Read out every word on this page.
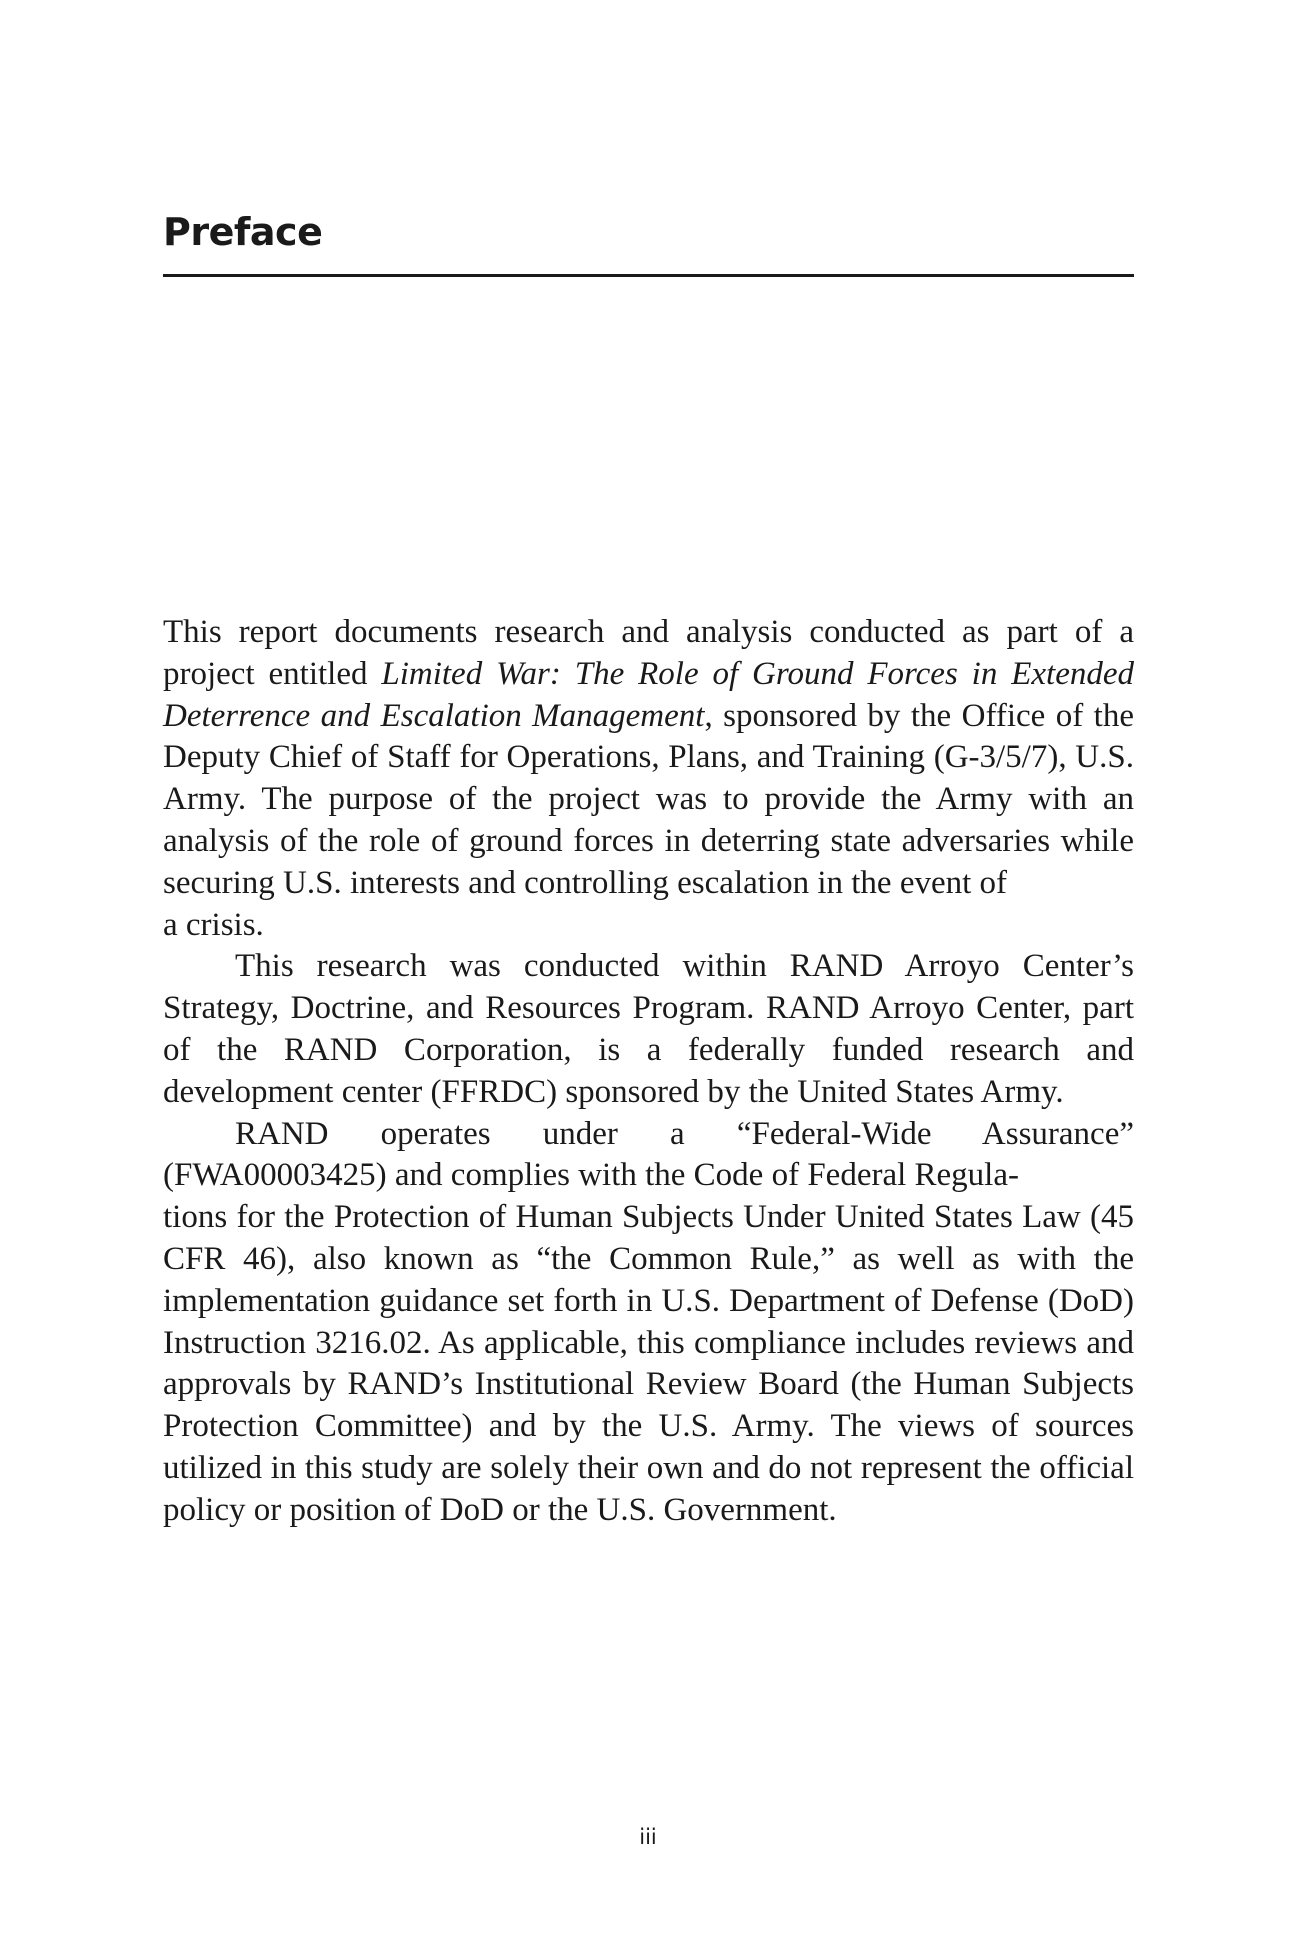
Preface

This report documents research and analysis conducted as part of a project entitled Limited War: The Role of Ground Forces in Extended Deterrence and Escalation Management, sponsored by the Office of the Deputy Chief of Staff for Operations, Plans, and Training (G-3/5/7), U.S. Army. The purpose of the project was to provide the Army with an analysis of the role of ground forces in deterring state adversaries while securing U.S. interests and controlling escalation in the event of
a crisis.

This research was conducted within RAND Arroyo Center’s Strategy, Doctrine, and Resources Program. RAND Arroyo Center, part of the RAND Corporation, is a federally funded research and development center (FFRDC) sponsored by the United States Army.

RAND operates under a “Federal-Wide Assurance” (FWA00003425) and complies with the Code of Federal Regula-
tions for the Protection of Human Subjects Under United States Law (45 CFR 46), also known as “the Common Rule,” as well as with the implementation guidance set forth in U.S. Department of Defense (DoD) Instruction 3216.02. As applicable, this compliance includes reviews and approvals by RAND’s Institutional Review Board (the Human Subjects Protection Committee) and by the U.S. Army. The views of sources utilized in this study are solely their own and do not represent the official policy or position of DoD or the U.S. Government.

iii
